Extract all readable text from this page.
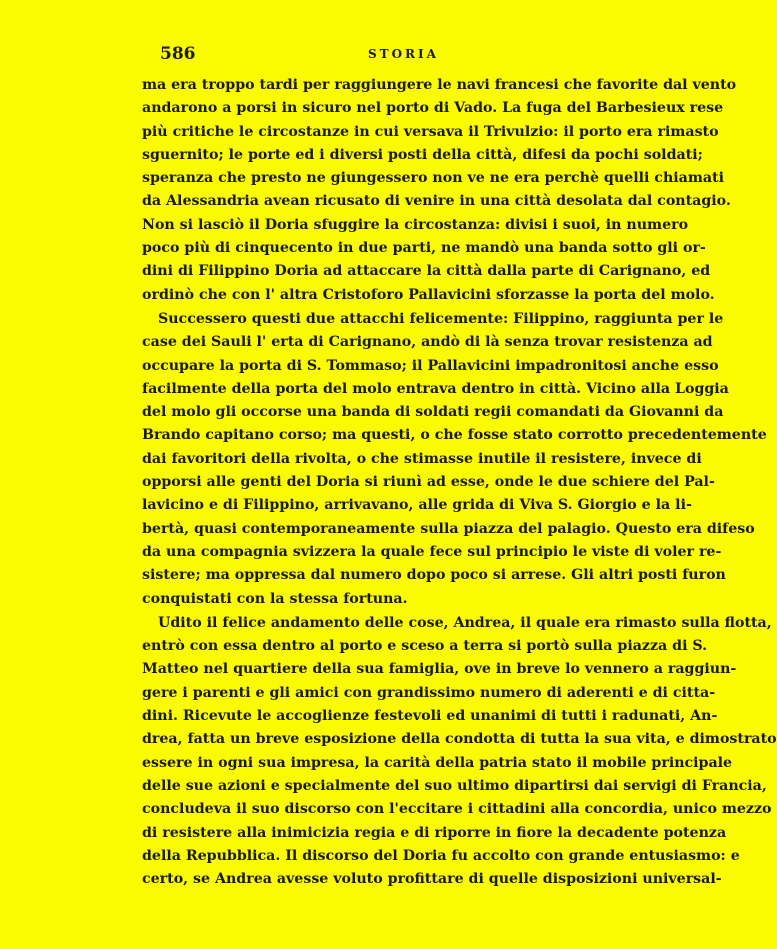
586	STORIA
ma era troppo tardi per raggiungere le navi francesi che favorite dal vento
andarono a porsi in sicuro nel porto di Vado. La fuga del Barbesieux rese
più critiche le circostanze in cui versava il Trivulzio: il porto era rimasto
sguernito; le porte ed i diversi posti della città, difesi da pochi soldati;
speranza che presto ne giungessero non ve ne era perchè quelli chiamati
da Alessandria avean ricusato di venire in una città desolata dal contagio.
Non si lasciò il Doria sfuggire la circostanza: divisi i suoi, in numero
poco più di cinquecento in due parti, ne mandò una banda sotto gli or-
dini di Filippino Doria ad attaccare la città dalla parte di Carignano, ed
ordinò che con l' altra Cristoforo Pallavicini sforzasse la porta del molo.
Successero questi due attacchi felicemente: Filippino, raggiunta per le
case dei Sauli l' erta di Carignano, andò di là senza trovar resistenza ad
occupare la porta di S. Tommaso; il Pallavicini impadronitosi anche esso
facilmente della porta del molo entrava dentro in città. Vicino alla Loggia
del molo gli occorse una banda di soldati regii comandati da Giovanni da
Brando capitano corso; ma questi, o che fosse stato corrotto precedentemente
dai favoritori della rivolta, o che stimasse inutile il resistere, invece di
opporsi alle genti del Doria si riunì ad esse, onde le due schiere del Pal-
lavicino e di Filippino, arrivavano, alle grida di Viva S. Giorgio e la li-
bertà, quasi contemporaneamente sulla piazza del palagio. Questo era difeso
da una compagnia svizzera la quale fece sul principio le viste di voler re-
sistere; ma oppressa dal numero dopo poco si arrese. Gli altri posti furon
conquistati con la stessa fortuna.
Udito il felice andamento delle cose, Andrea, il quale era rimasto sulla flotta,
entrò con essa dentro al porto e sceso a terra si portò sulla piazza di S.
Matteo nel quartiere della sua famiglia, ove in breve lo vennero a raggiun-
gere i parenti e gli amici con grandissimo numero di aderenti e di citta-
dini. Ricevute le accoglienze festevoli ed unanimi di tutti i radunati, An-
drea, fatta un breve esposizione della condotta di tutta la sua vita, e dimostrato
essere in ogni sua impresa, la carità della patria stato il mobile principale
delle sue azioni e specialmente del suo ultimo dipartirsi dai servigi di Francia,
concludeva il suo discorso con l'eccitare i cittadini alla concordia, unico mezzo
di resistere alla inimicizia regia e di riporre in fiore la decadente potenza
della Repubblica. Il discorso del Doria fu accolto con grande entusiasmo: e
certo, se Andrea avesse voluto profittare di quelle disposizioni universal-
